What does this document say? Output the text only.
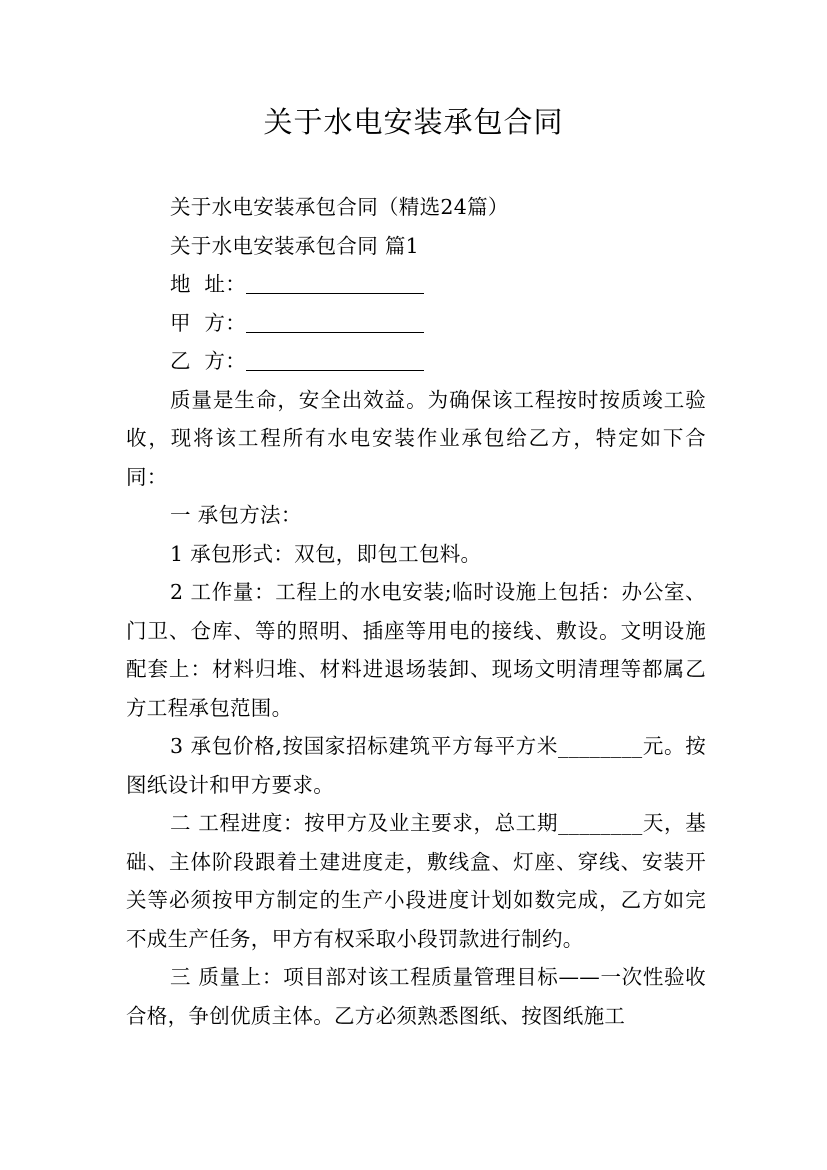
关于水电安装承包合同
关于水电安装承包合同（精选24篇）
关于水电安装承包合同 篇1
地  址：
甲  方：
乙  方：

质量是生命，安全出效益。为确保该工程按时按质竣工验收，现将该工程所有水电安装作业承包给乙方，特定如下合同：

一 承包方法：

1 承包形式：双包，即包工包料。

2 工作量：工程上的水电安装;临时设施上包括：办公室、门卫、仓库、等的照明、插座等用电的接线、敷设。文明设施配套上：材料归堆、材料进退场装卸、现场文明清理等都属乙方工程承包范围。

3 承包价格,按国家招标建筑平方每平方米________元。按图纸设计和甲方要求。

二 工程进度：按甲方及业主要求，总工期________天，基础、主体阶段跟着土建进度走，敷线盒、灯座、穿线、安装开关等必须按甲方制定的生产小段进度计划如数完成，乙方如完不成生产任务，甲方有权采取小段罚款进行制约。

三 质量上：项目部对该工程质量管理目标——一次性验收合格，争创优质主体。乙方必须熟悉图纸、按图纸施工
